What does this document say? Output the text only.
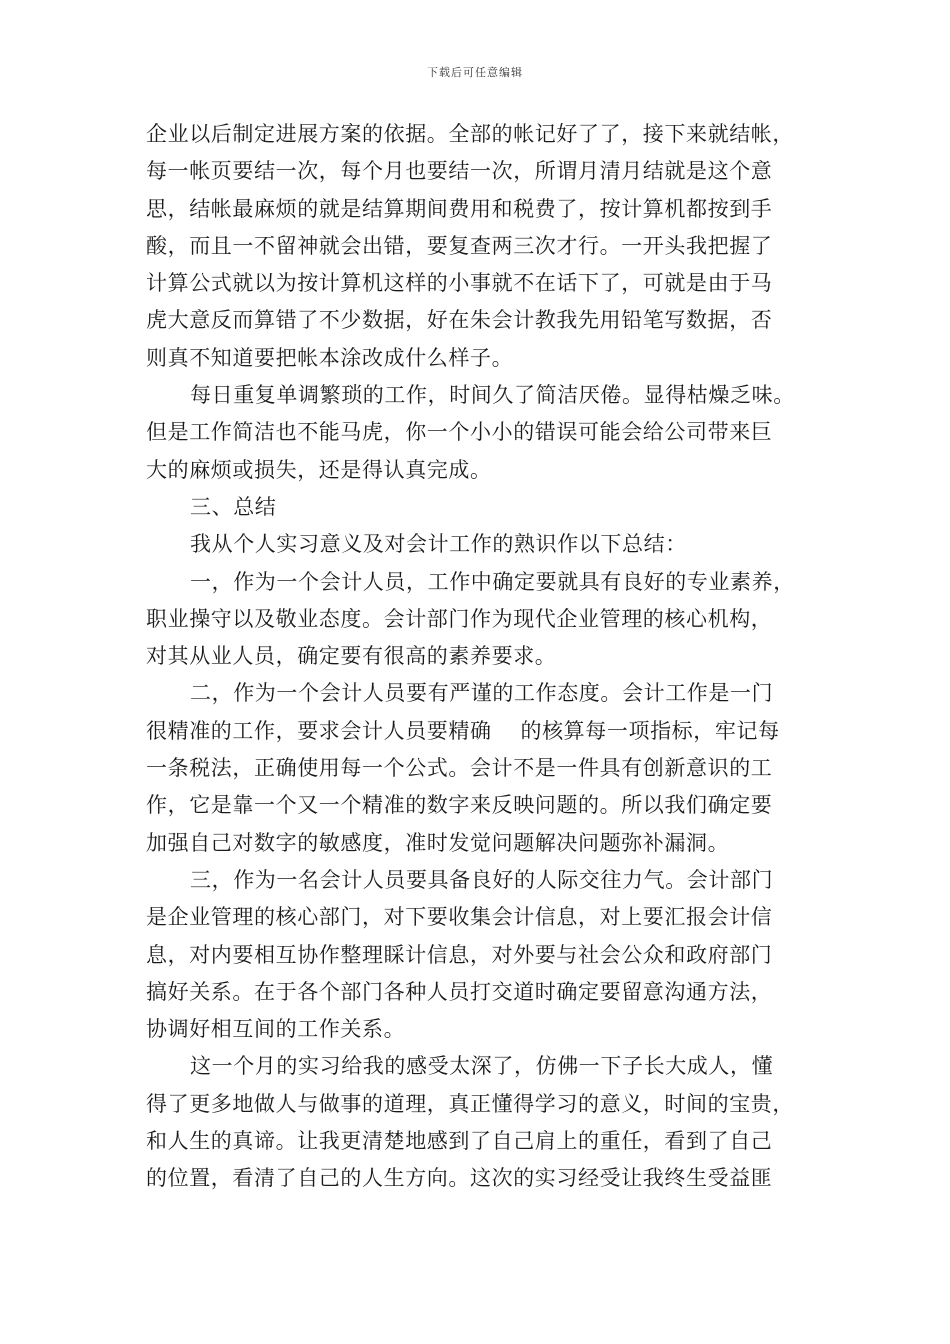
下载后可任意编辑
企业以后制定进展方案的依据。全部的帐记好了了，接下来就结帐，
每一帐页要结一次，每个月也要结一次，所谓月清月结就是这个意
思，结帐最麻烦的就是结算期间费用和税费了，按计算机都按到手
酸，而且一不留神就会出错，要复查两三次才行。一开头我把握了
计算公式就以为按计算机这样的小事就不在话下了，可就是由于马
虎大意反而算错了不少数据，好在朱会计教我先用铅笔写数据，否
则真不知道要把帐本涂改成什么样子。
每日重复单调繁琐的工作，时间久了简洁厌倦。显得枯燥乏味。
但是工作简洁也不能马虎，你一个小小的错误可能会给公司带来巨
大的麻烦或损失，还是得认真完成。
三、总结
我从个人实习意义及对会计工作的熟识作以下总结：
一，作为一个会计人员，工作中确定要就具有良好的专业素养，
职业操守以及敬业态度。会计部门作为现代企业管理的核心机构，
对其从业人员，确定要有很高的素养要求。
二，作为一个会计人员要有严谨的工作态度。会计工作是一门
很精准的工作，要求会计人员要精确　 的核算每一项指标，牢记每
一条税法，正确使用每一个公式。会计不是一件具有创新意识的工
作，它是靠一个又一个精准的数字来反映问题的。所以我们确定要
加强自己对数字的敏感度，准时发觉问题解决问题弥补漏洞。
三，作为一名会计人员要具备良好的人际交往力气。会计部门
是企业管理的核心部门，对下要收集会计信息，对上要汇报会计信
息，对内要相互协作整理睬计信息，对外要与社会公众和政府部门
搞好关系。在于各个部门各种人员打交道时确定要留意沟通方法，
协调好相互间的工作关系。
这一个月的实习给我的感受太深了，仿佛一下子长大成人，懂
得了更多地做人与做事的道理，真正懂得学习的意义，时间的宝贵，
和人生的真谛。让我更清楚地感到了自己肩上的重任，看到了自己
的位置，看清了自己的人生方向。这次的实习经受让我终生受益匪
